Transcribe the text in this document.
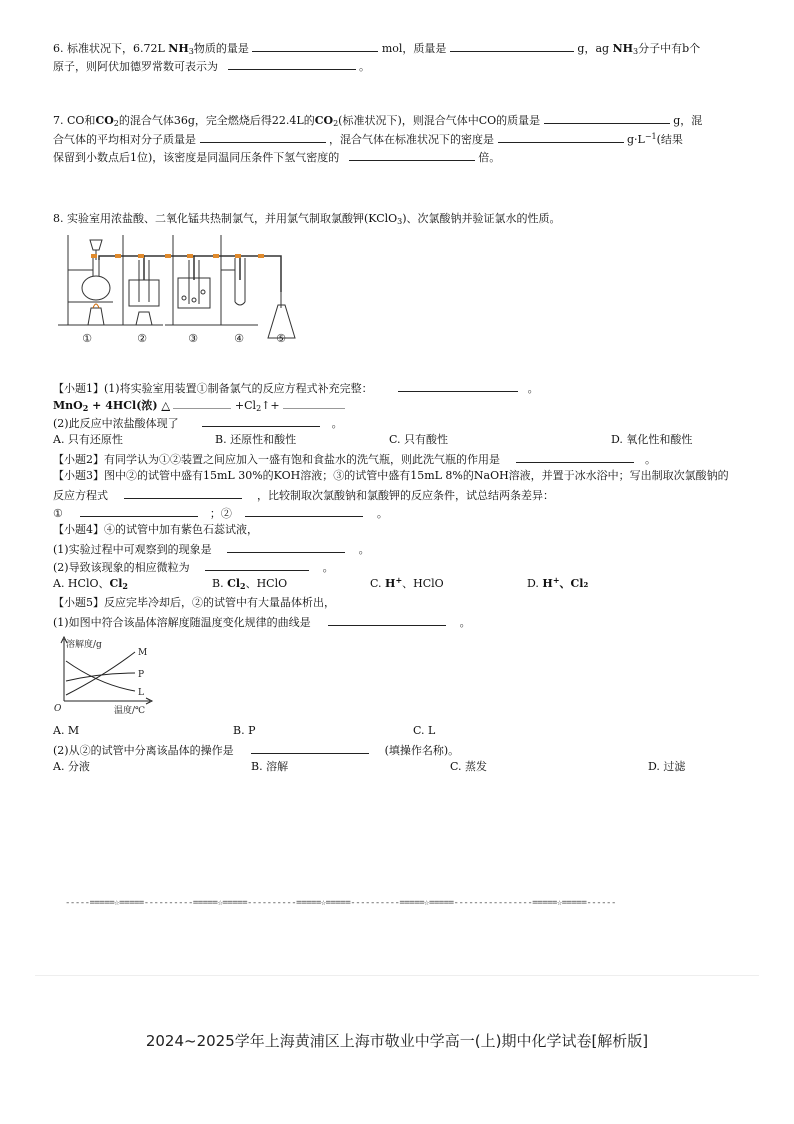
6. 标准状况下，6.72L $NH_3$物质的量是	mol，质量是	g，ag $NH_3$分子中有b个
原子，则阿伏加德罗常数可表示为	。
7. CO和$CO_2$的混合气体36g，完全燃烧后得22.4L的$CO_2$(标准状况下)，则混合气体中CO的质量是	g，混
合气体的平均相对分子质量是	，混合气体在标准状况下的密度是	$g\cdot L^{-1}$(结果
保留到小数点后1位)，该密度是同温同压条件下氢气密度的	倍。
8. 实验室用浓盐酸、二氧化锰共热制氯气，并用氯气制取氯酸钾(KClO$_3$)、次氯酸钠并验证氯水的性质。
①	②	③	④	⑤
【小题1】(1)将实验室用装置①制备氯气的反应方程式补充完整：	。
MnO$_2$ + 4HCl(浓) △	$+Cl_2↑+$
(2)此反应中浓盐酸体现了	。
A. 只有还原性	B. 还原性和酸性	C. 只有酸性	D. 氧化性和酸性
【小题2】有同学认为①②装置之间应加入一盛有饱和食盐水的洗气瓶，则此洗气瓶的作用是	。
【小题3】图中②的试管中盛有15mL 30%的KOH溶液；③的试管中盛有15mL 8%的NaOH溶液，并置于冰水浴中；写出制取次氯酸钠的
反应方程式	，比较制取次氯酸钠和氯酸钾的反应条件，试总结两条差异：
①	；②	。
【小题4】④的试管中加有紫色石蕊试液，
(1)实验过程中可观察到的现象是	。
(2)导致该现象的相应微粒为	。
A. HClO、$Cl_2$	B. $Cl_2$、HClO	C. H+、HClO	D. H+、Cl₂
【小题5】反应完毕冷却后，②的试管中有大量晶体析出，
(1)如图中符合该晶体溶解度随温度变化规律的曲线是	。
溶解度/g
温度/℃
O
M
P
L
A. M	B. P	C. L
(2)从②的试管中分离该晶体的操作是	(填操作名称)。
A. 分液	B. 溶解	C. 蒸发	D. 过滤
-----=====☆=====----------=====☆=====----------=====☆=====----------=====☆=====----------------=====☆=====------
2024~2025学年上海黄浦区上海市敬业中学高一(上)期中化学试卷[解析版]
